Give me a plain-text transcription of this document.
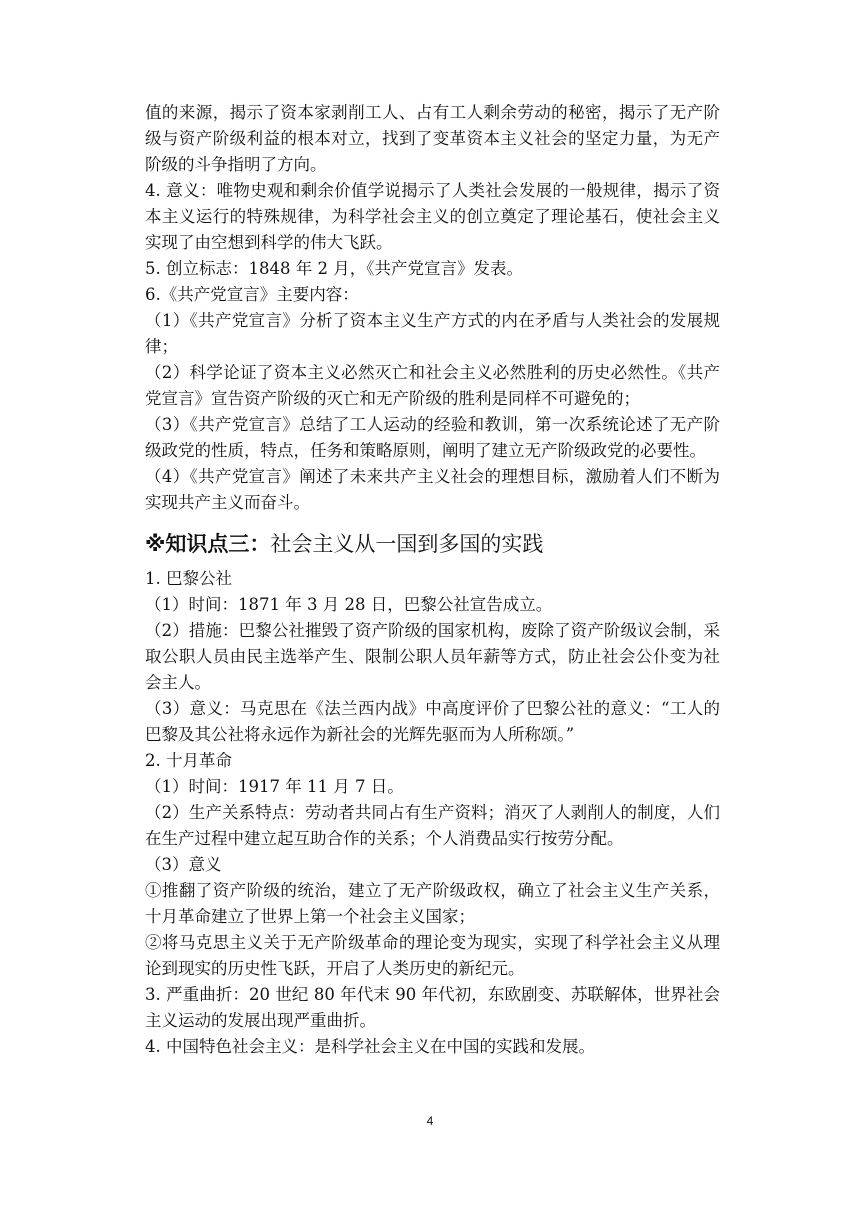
值的来源，揭示了资本家剥削工人、占有工人剩余劳动的秘密，揭示了无产阶级与资产阶级利益的根本对立，找到了变革资本主义社会的坚定力量，为无产阶级的斗争指明了方向。

4. 意义：唯物史观和剩余价值学说揭示了人类社会发展的一般规律，揭示了资本主义运行的特殊规律，为科学社会主义的创立奠定了理论基石，使社会主义实现了由空想到科学的伟大飞跃。

5. 创立标志：1848 年 2 月，《共产党宣言》发表。

6.《共产党宣言》主要内容：

（1）《共产党宣言》分析了资本主义生产方式的内在矛盾与人类社会的发展规律；

（2）科学论证了资本主义必然灭亡和社会主义必然胜利的历史必然性。《共产党宣言》宣告资产阶级的灭亡和无产阶级的胜利是同样不可避免的；

（3）《共产党宣言》总结了工人运动的经验和教训，第一次系统论述了无产阶级政党的性质，特点，任务和策略原则，阐明了建立无产阶级政党的必要性。

（4）《共产党宣言》阐述了未来共产主义社会的理想目标，激励着人们不断为实现共产主义而奋斗。

※知识点三：社会主义从一国到多国的实践

1. 巴黎公社

（1）时间：1871 年 3 月 28 日，巴黎公社宣告成立。

（2）措施：巴黎公社摧毁了资产阶级的国家机构，废除了资产阶级议会制，采取公职人员由民主选举产生、限制公职人员年薪等方式，防止社会公仆变为社会主人。

（3）意义：马克思在《法兰西内战》中高度评价了巴黎公社的意义：“工人的巴黎及其公社将永远作为新社会的光辉先驱而为人所称颂。”

2. 十月革命

（1）时间：1917 年 11 月 7 日。

（2）生产关系特点：劳动者共同占有生产资料；消灭了人剥削人的制度，人们在生产过程中建立起互助合作的关系；个人消费品实行按劳分配。

（3）意义

①推翻了资产阶级的统治，建立了无产阶级政权，确立了社会主义生产关系，十月革命建立了世界上第一个社会主义国家；

②将马克思主义关于无产阶级革命的理论变为现实，实现了科学社会主义从理论到现实的历史性飞跃，开启了人类历史的新纪元。

3. 严重曲折：20 世纪 80 年代末 90 年代初，东欧剧变、苏联解体，世界社会主义运动的发展出现严重曲折。

4. 中国特色社会主义：是科学社会主义在中国的实践和发展。

4
